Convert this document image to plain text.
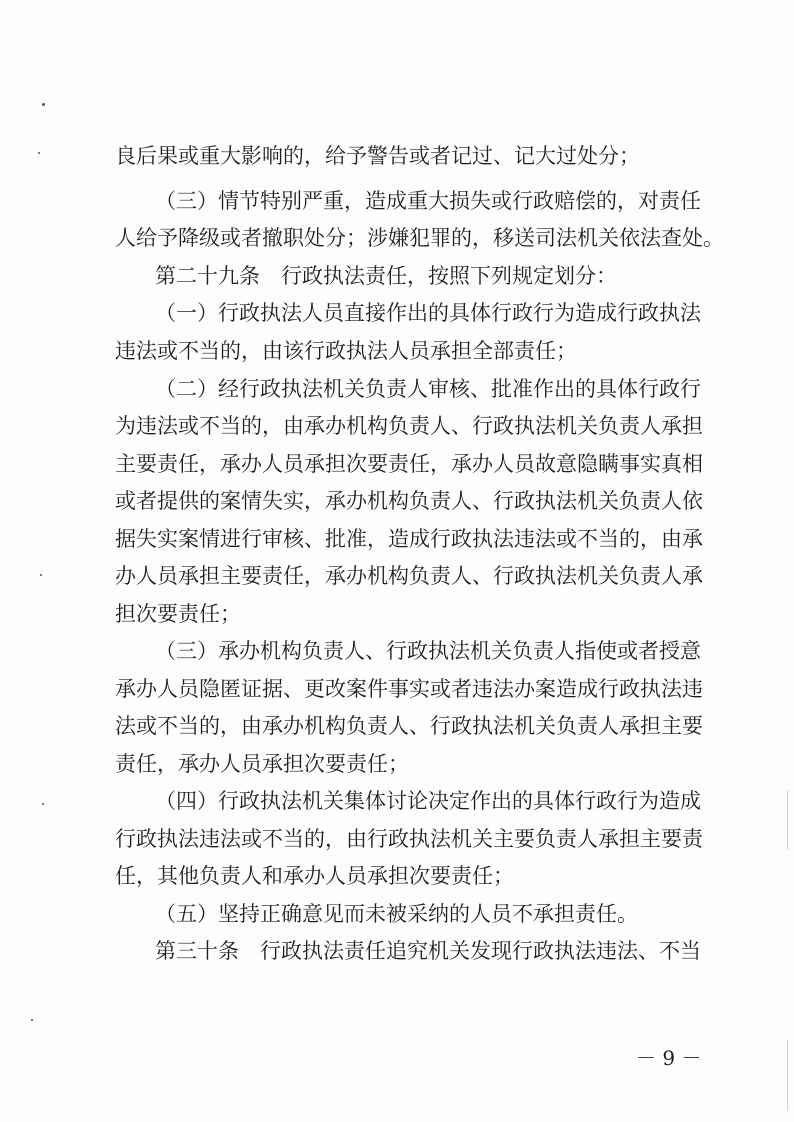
良后果或重大影响的，给予警告或者记过、记大过处分；
（三）情节特别严重，造成重大损失或行政赔偿的，对责任
人给予降级或者撤职处分；涉嫌犯罪的，移送司法机关依法查处。
第二十九条　行政执法责任，按照下列规定划分：
（一）行政执法人员直接作出的具体行政行为造成行政执法
违法或不当的，由该行政执法人员承担全部责任；
（二）经行政执法机关负责人审核、批准作出的具体行政行
为违法或不当的，由承办机构负责人、行政执法机关负责人承担
主要责任，承办人员承担次要责任，承办人员故意隐瞒事实真相
或者提供的案情失实，承办机构负责人、行政执法机关负责人依
据失实案情进行审核、批准，造成行政执法违法或不当的，由承
办人员承担主要责任，承办机构负责人、行政执法机关负责人承
担次要责任；
（三）承办机构负责人、行政执法机关负责人指使或者授意
承办人员隐匿证据、更改案件事实或者违法办案造成行政执法违
法或不当的，由承办机构负责人、行政执法机关负责人承担主要
责任，承办人员承担次要责任；
（四）行政执法机关集体讨论决定作出的具体行政行为造成
行政执法违法或不当的，由行政执法机关主要负责人承担主要责
任，其他负责人和承办人员承担次要责任；
（五）坚持正确意见而未被采纳的人员不承担责任。
第三十条　行政执法责任追究机关发现行政执法违法、不当
－ 9 －
